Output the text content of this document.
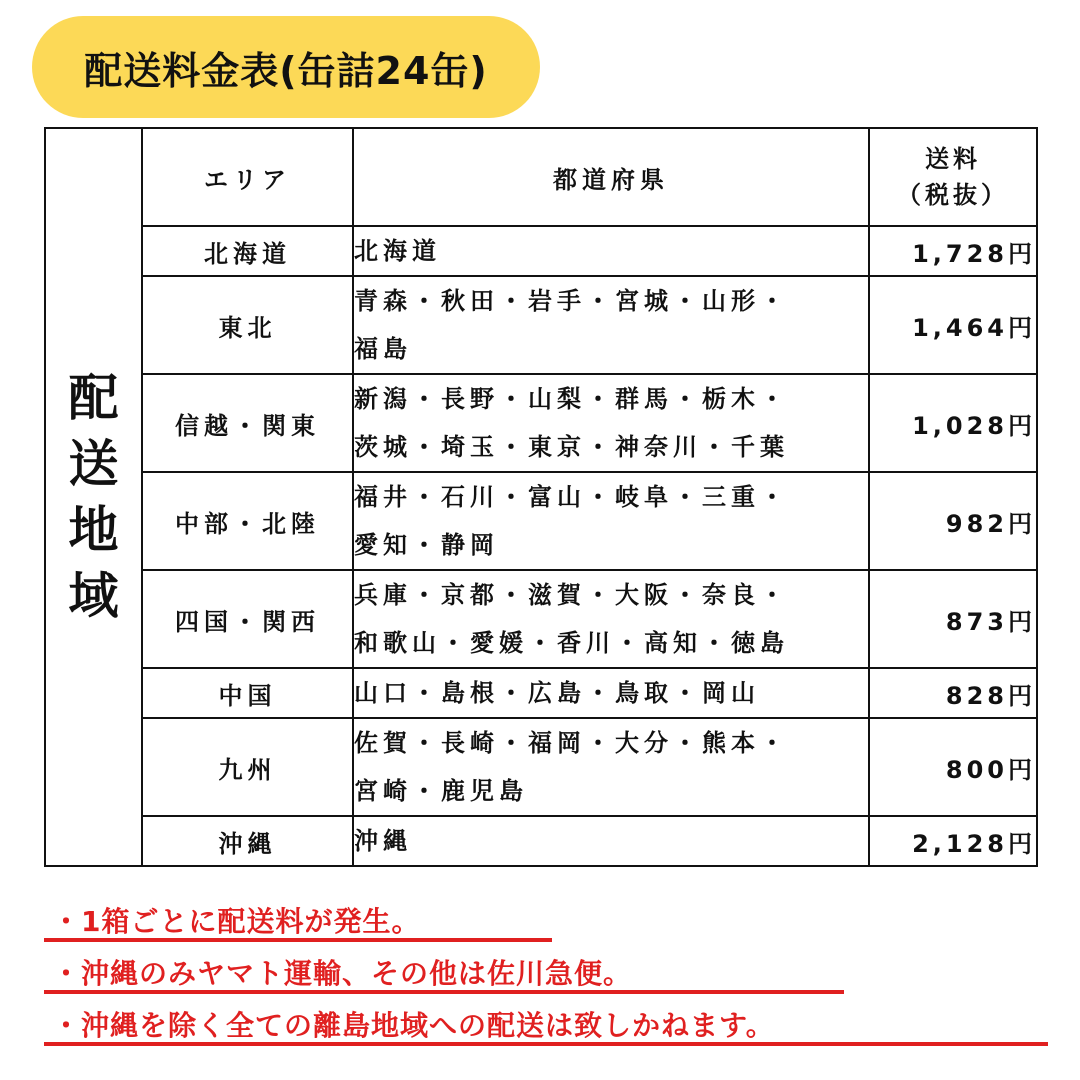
配送料金表(缶詰24缶)
配
送
地
域	エリア	都道府県	送料
（税抜）
	北海道	北海道	1,728円
	東北	青森・秋田・岩手・宮城・山形・
福島	1,464円
	信越・関東	新潟・長野・山梨・群馬・栃木・
茨城・埼玉・東京・神奈川・千葉	1,028円
	中部・北陸	福井・石川・富山・岐阜・三重・
愛知・静岡	982円
	四国・関西	兵庫・京都・滋賀・大阪・奈良・
和歌山・愛媛・香川・高知・徳島	873円
	中国	山口・島根・広島・鳥取・岡山	828円
	九州	佐賀・長崎・福岡・大分・熊本・
宮崎・鹿児島	800円
	沖縄	沖縄	2,128円
・1箱ごとに配送料が発生。
・沖縄のみヤマト運輸、その他は佐川急便。
・沖縄を除く全ての離島地域への配送は致しかねます。
